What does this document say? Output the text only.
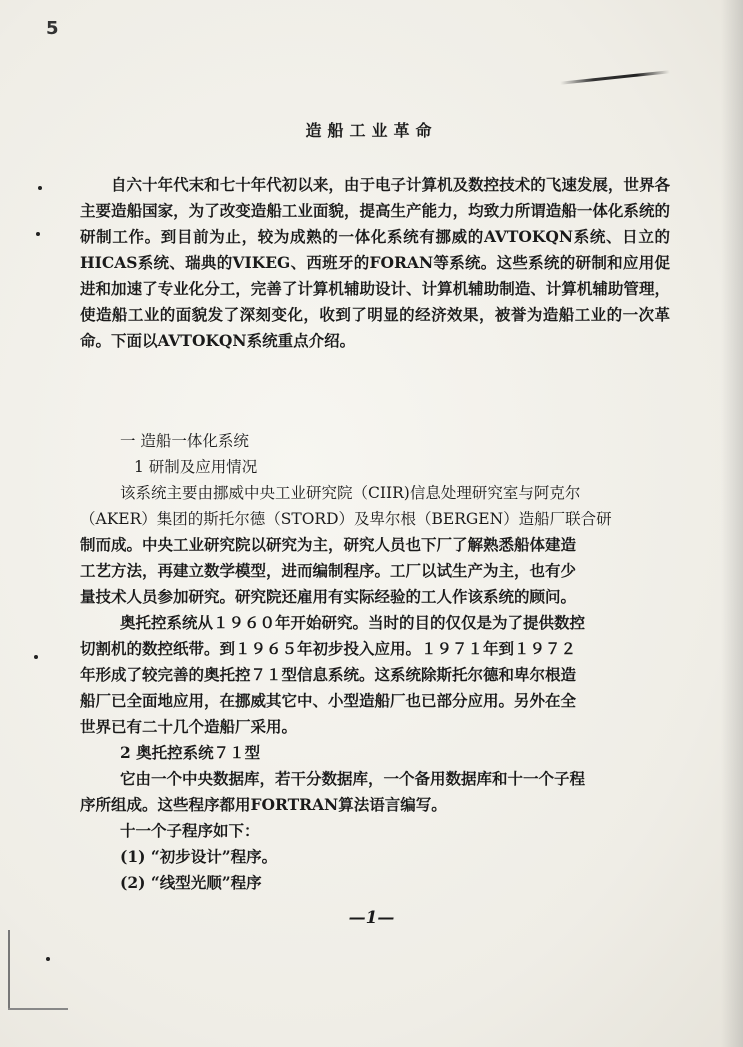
5
造船工业革命

自六十年代末和七十年代初以来，由于电子计算机及数控技术的飞速发展，世界各主要造船国家，为了改变造船工业面貌，提高生产能力，均致力所谓造船一体化系统的研制工作。到目前为止，较为成熟的一体化系统有挪威的AVTOKQN系统、日立的HICAS系统、瑞典的VIKEG、西班牙的FORAN等系统。这些系统的研制和应用促进和加速了专业化分工，完善了计算机辅助设计、计算机辅助制造、计算机辅助管理，使造船工业的面貌发了深刻变化，收到了明显的经济效果，被誉为造船工业的一次革命。下面以AVTOKQN系统重点介绍。

一 造船一体化系统
1 研制及应用情况
该系统主要由挪威中央工业研究院（CIIR)信息处理研究室与阿克尔
（AKER）集团的斯托尔德（STORD）及卑尔根（BERGEN）造船厂联合研
制而成。中央工业研究院以研究为主，研究人员也下厂了解熟悉船体建造
工艺方法，再建立数学模型，进而编制程序。工厂以试生产为主，也有少
量技术人员参加研究。研究院还雇用有实际经验的工人作该系统的顾问。
奥托控系统从１９６０年开始研究。当时的目的仅仅是为了提供数控
切割机的数控纸带。到１９６５年初步投入应用。１９７１年到１９７２
年形成了较完善的奥托控７１型信息系统。这系统除斯托尔德和卑尔根造
船厂已全面地应用，在挪威其它中、小型造船厂也已部分应用。另外在全
世界已有二十几个造船厂采用。
2 奥托控系统７１型
它由一个中央数据库，若干分数据库，一个备用数据库和十一个子程
序所组成。这些程序都用FORTRAN算法语言编写。
十一个子程序如下：
(1) “初步设计”程序。
(2) “线型光顺”程序
—1—
